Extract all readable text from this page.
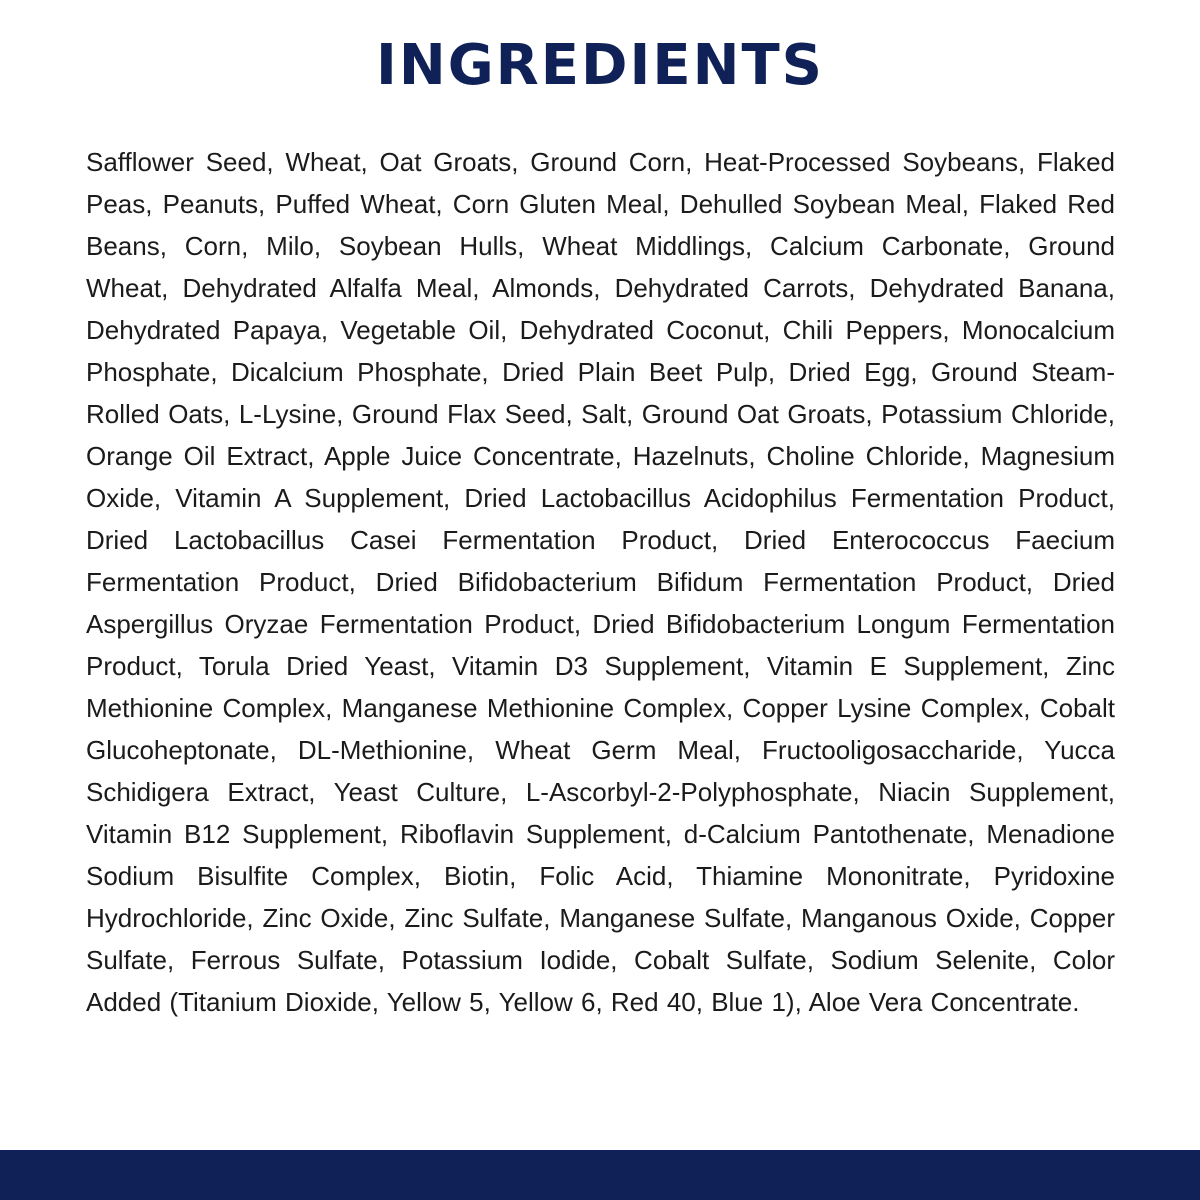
INGREDIENTS
Safflower Seed, Wheat, Oat Groats, Ground Corn, Heat-Processed Soybeans, Flaked Peas, Peanuts, Puffed Wheat, Corn Gluten Meal, Dehulled Soybean Meal, Flaked Red Beans, Corn, Milo, Soybean Hulls, Wheat Middlings, Calcium Carbonate, Ground Wheat, Dehydrated Alfalfa Meal, Almonds, Dehydrated Carrots, Dehydrated Banana, Dehydrated Papaya, Vegetable Oil, Dehydrated Coconut, Chili Peppers, Monocalcium Phosphate, Dicalcium Phosphate, Dried Plain Beet Pulp, Dried Egg, Ground Steam-Rolled Oats, L-Lysine, Ground Flax Seed, Salt, Ground Oat Groats, Potassium Chloride, Orange Oil Extract, Apple Juice Concentrate, Hazelnuts, Choline Chloride, Magnesium Oxide, Vitamin A Supplement, Dried Lactobacillus Acidophilus Fermentation Product, Dried Lactobacillus Casei Fermentation Product, Dried Enterococcus Faecium Fermentation Product, Dried Bifidobacterium Bifidum Fermentation Product, Dried Aspergillus Oryzae Fermentation Product, Dried Bifidobacterium Longum Fermentation Product, Torula Dried Yeast, Vitamin D3 Supplement, Vitamin E Supplement, Zinc Methionine Complex, Manganese Methionine Complex, Copper Lysine Complex, Cobalt Glucoheptonate, DL-Methionine, Wheat Germ Meal, Fructooligosaccharide, Yucca Schidigera Extract, Yeast Culture, L-Ascorbyl-2-Polyphosphate, Niacin Supplement, Vitamin B12 Supplement, Riboflavin Supplement, d-Calcium Pantothenate, Menadione Sodium Bisulfite Complex, Biotin, Folic Acid, Thiamine Mononitrate, Pyridoxine Hydrochloride, Zinc Oxide, Zinc Sulfate, Manganese Sulfate, Manganous Oxide, Copper Sulfate, Ferrous Sulfate, Potassium Iodide, Cobalt Sulfate, Sodium Selenite, Color Added (Titanium Dioxide, Yellow 5, Yellow 6, Red 40, Blue 1), Aloe Vera Concentrate.
